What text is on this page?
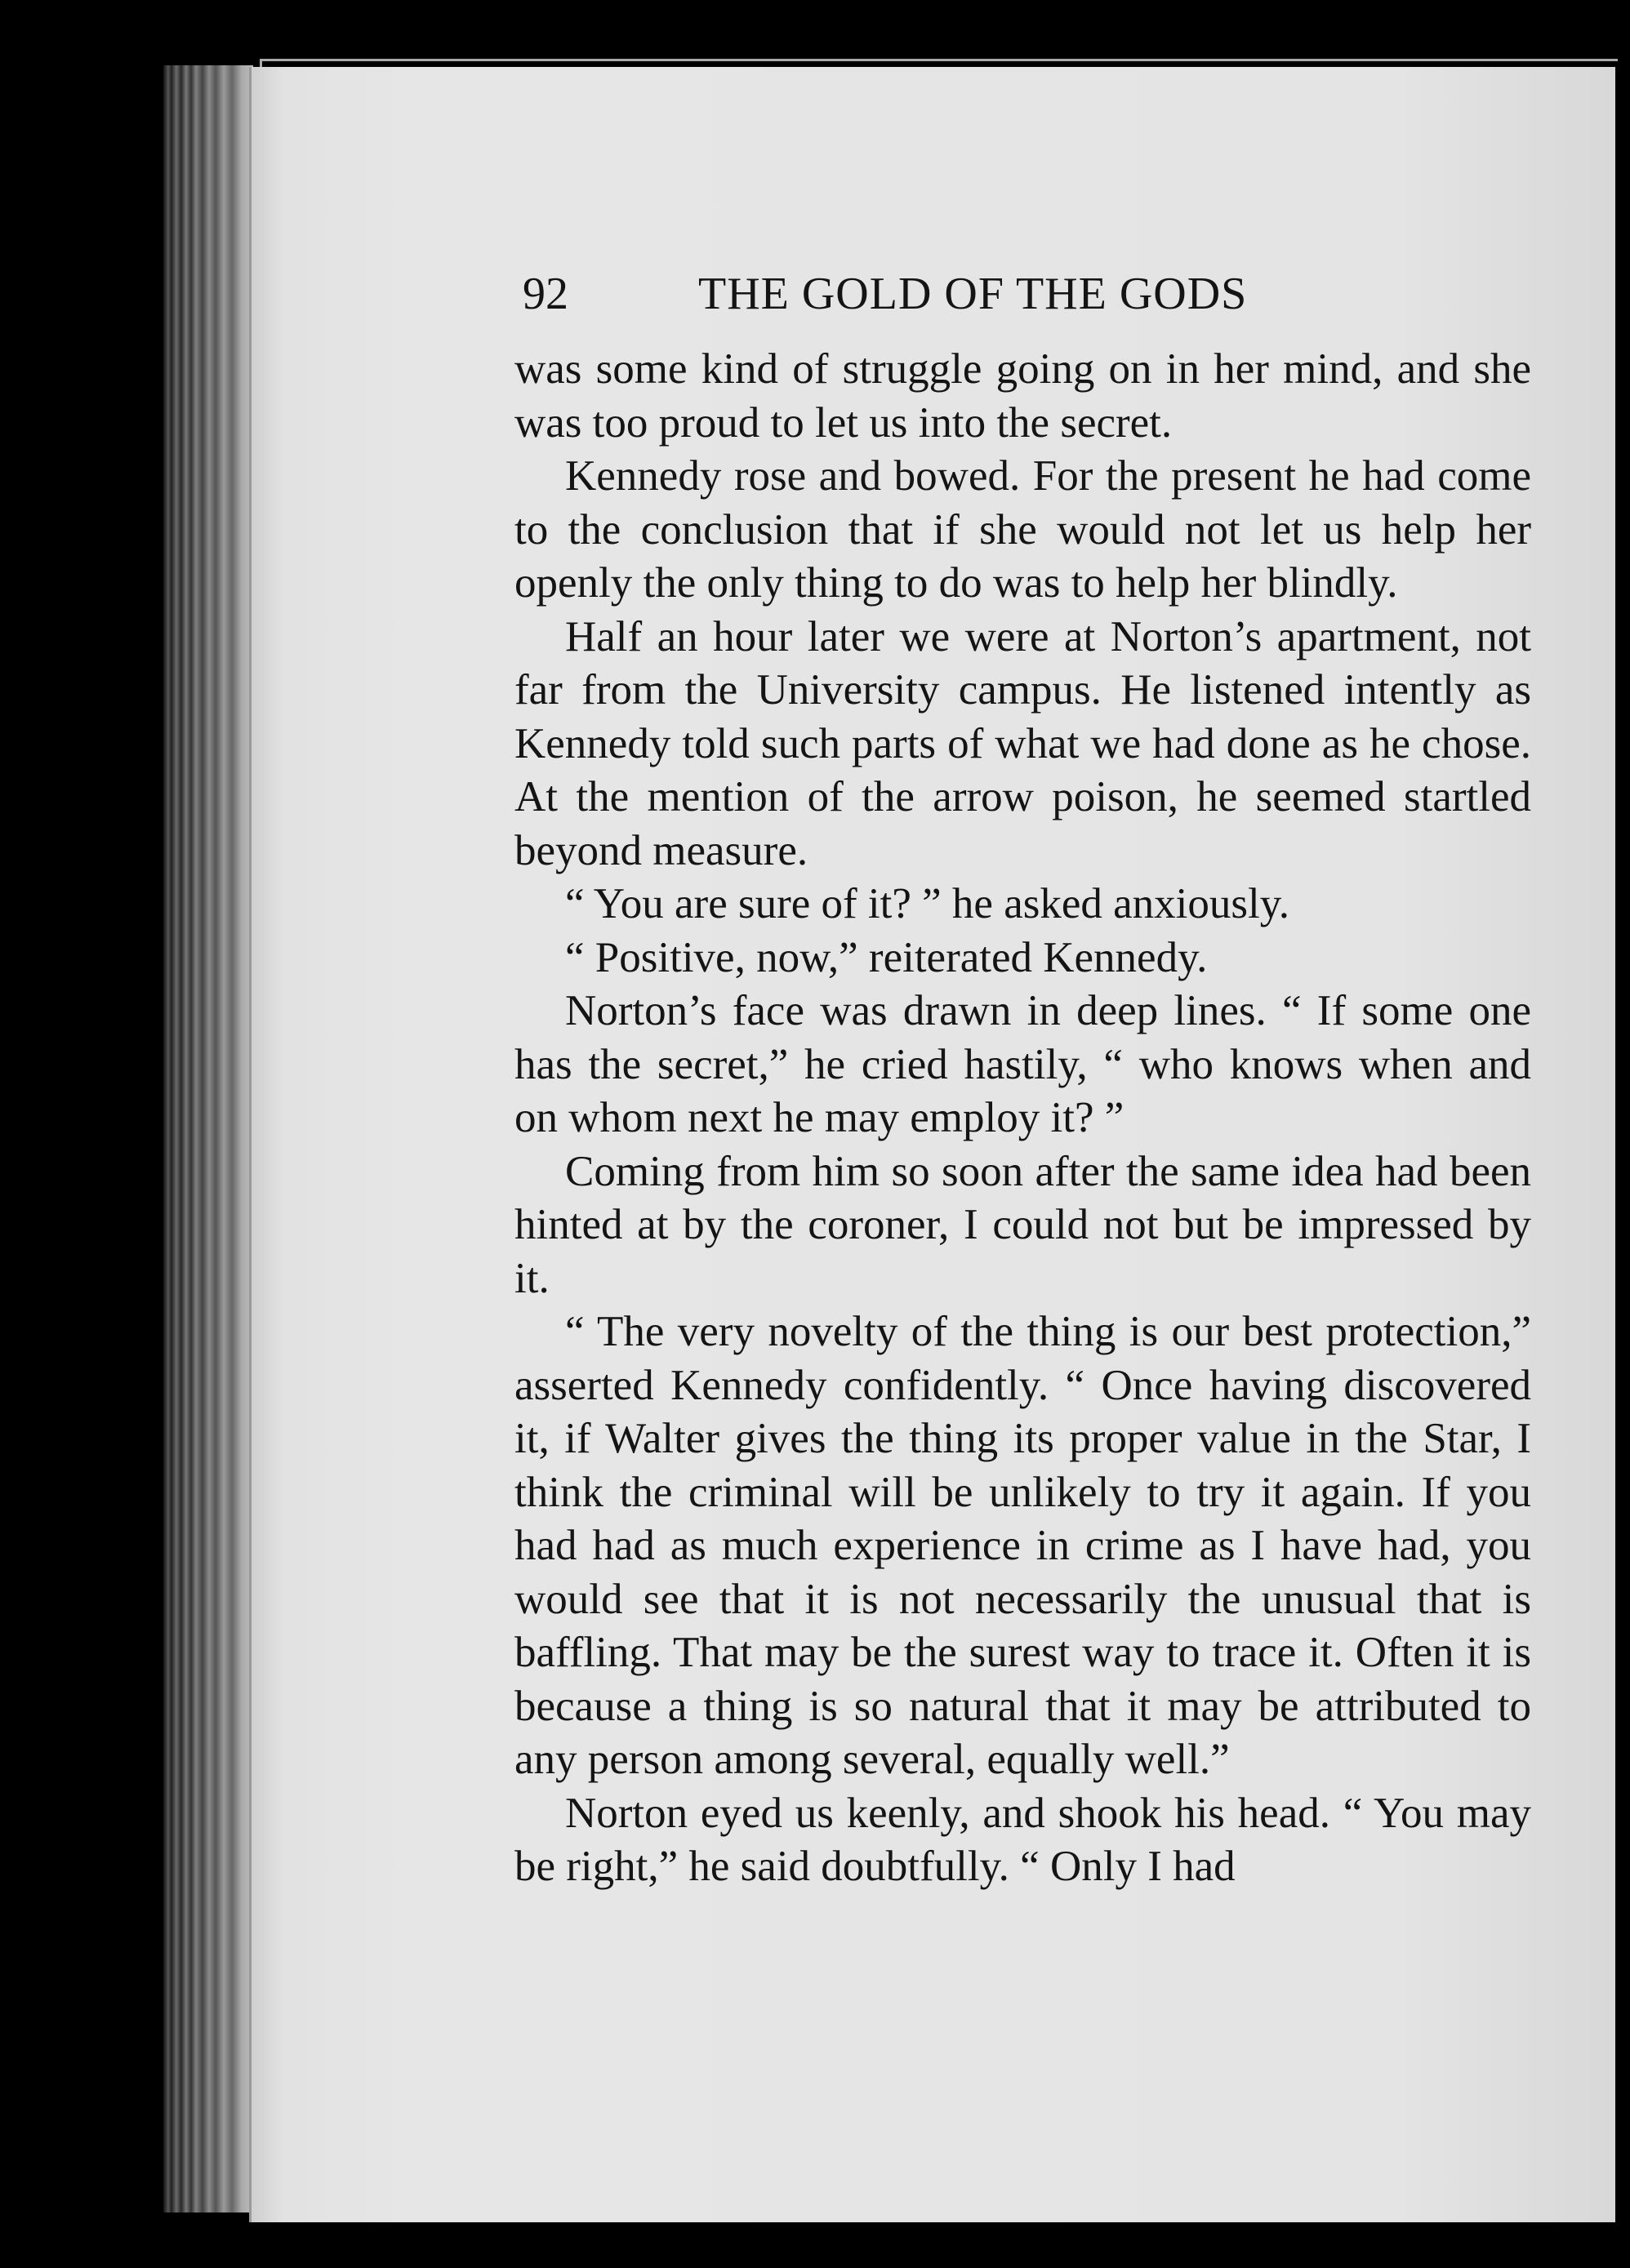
92	THE GOLD OF THE GODS

was some kind of struggle going on in her mind, and she was too proud to let us into the secret.

Kennedy rose and bowed. For the present he had come to the conclusion that if she would not let us help her openly the only thing to do was to help her blindly.

Half an hour later we were at Norton’s apartment, not far from the University campus. He listened intently as Kennedy told such parts of what we had done as he chose. At the mention of the arrow poison, he seemed startled beyond measure.

“ You are sure of it? ” he asked anxiously.

“ Positive, now,” reiterated Kennedy.

Norton’s face was drawn in deep lines. “ If some one has the secret,” he cried hastily, “ who knows when and on whom next he may employ it? ”

Coming from him so soon after the same idea had been hinted at by the coroner, I could not but be impressed by it.

“ The very novelty of the thing is our best protection,” asserted Kennedy confidently. “ Once having discovered it, if Walter gives the thing its proper value in the Star, I think the criminal will be unlikely to try it again. If you had had as much experience in crime as I have had, you would see that it is not necessarily the unusual that is baffling. That may be the surest way to trace it. Often it is because a thing is so natural that it may be attributed to any person among several, equally well.”

Norton eyed us keenly, and shook his head. “ You may be right,” he said doubtfully. “ Only I had
